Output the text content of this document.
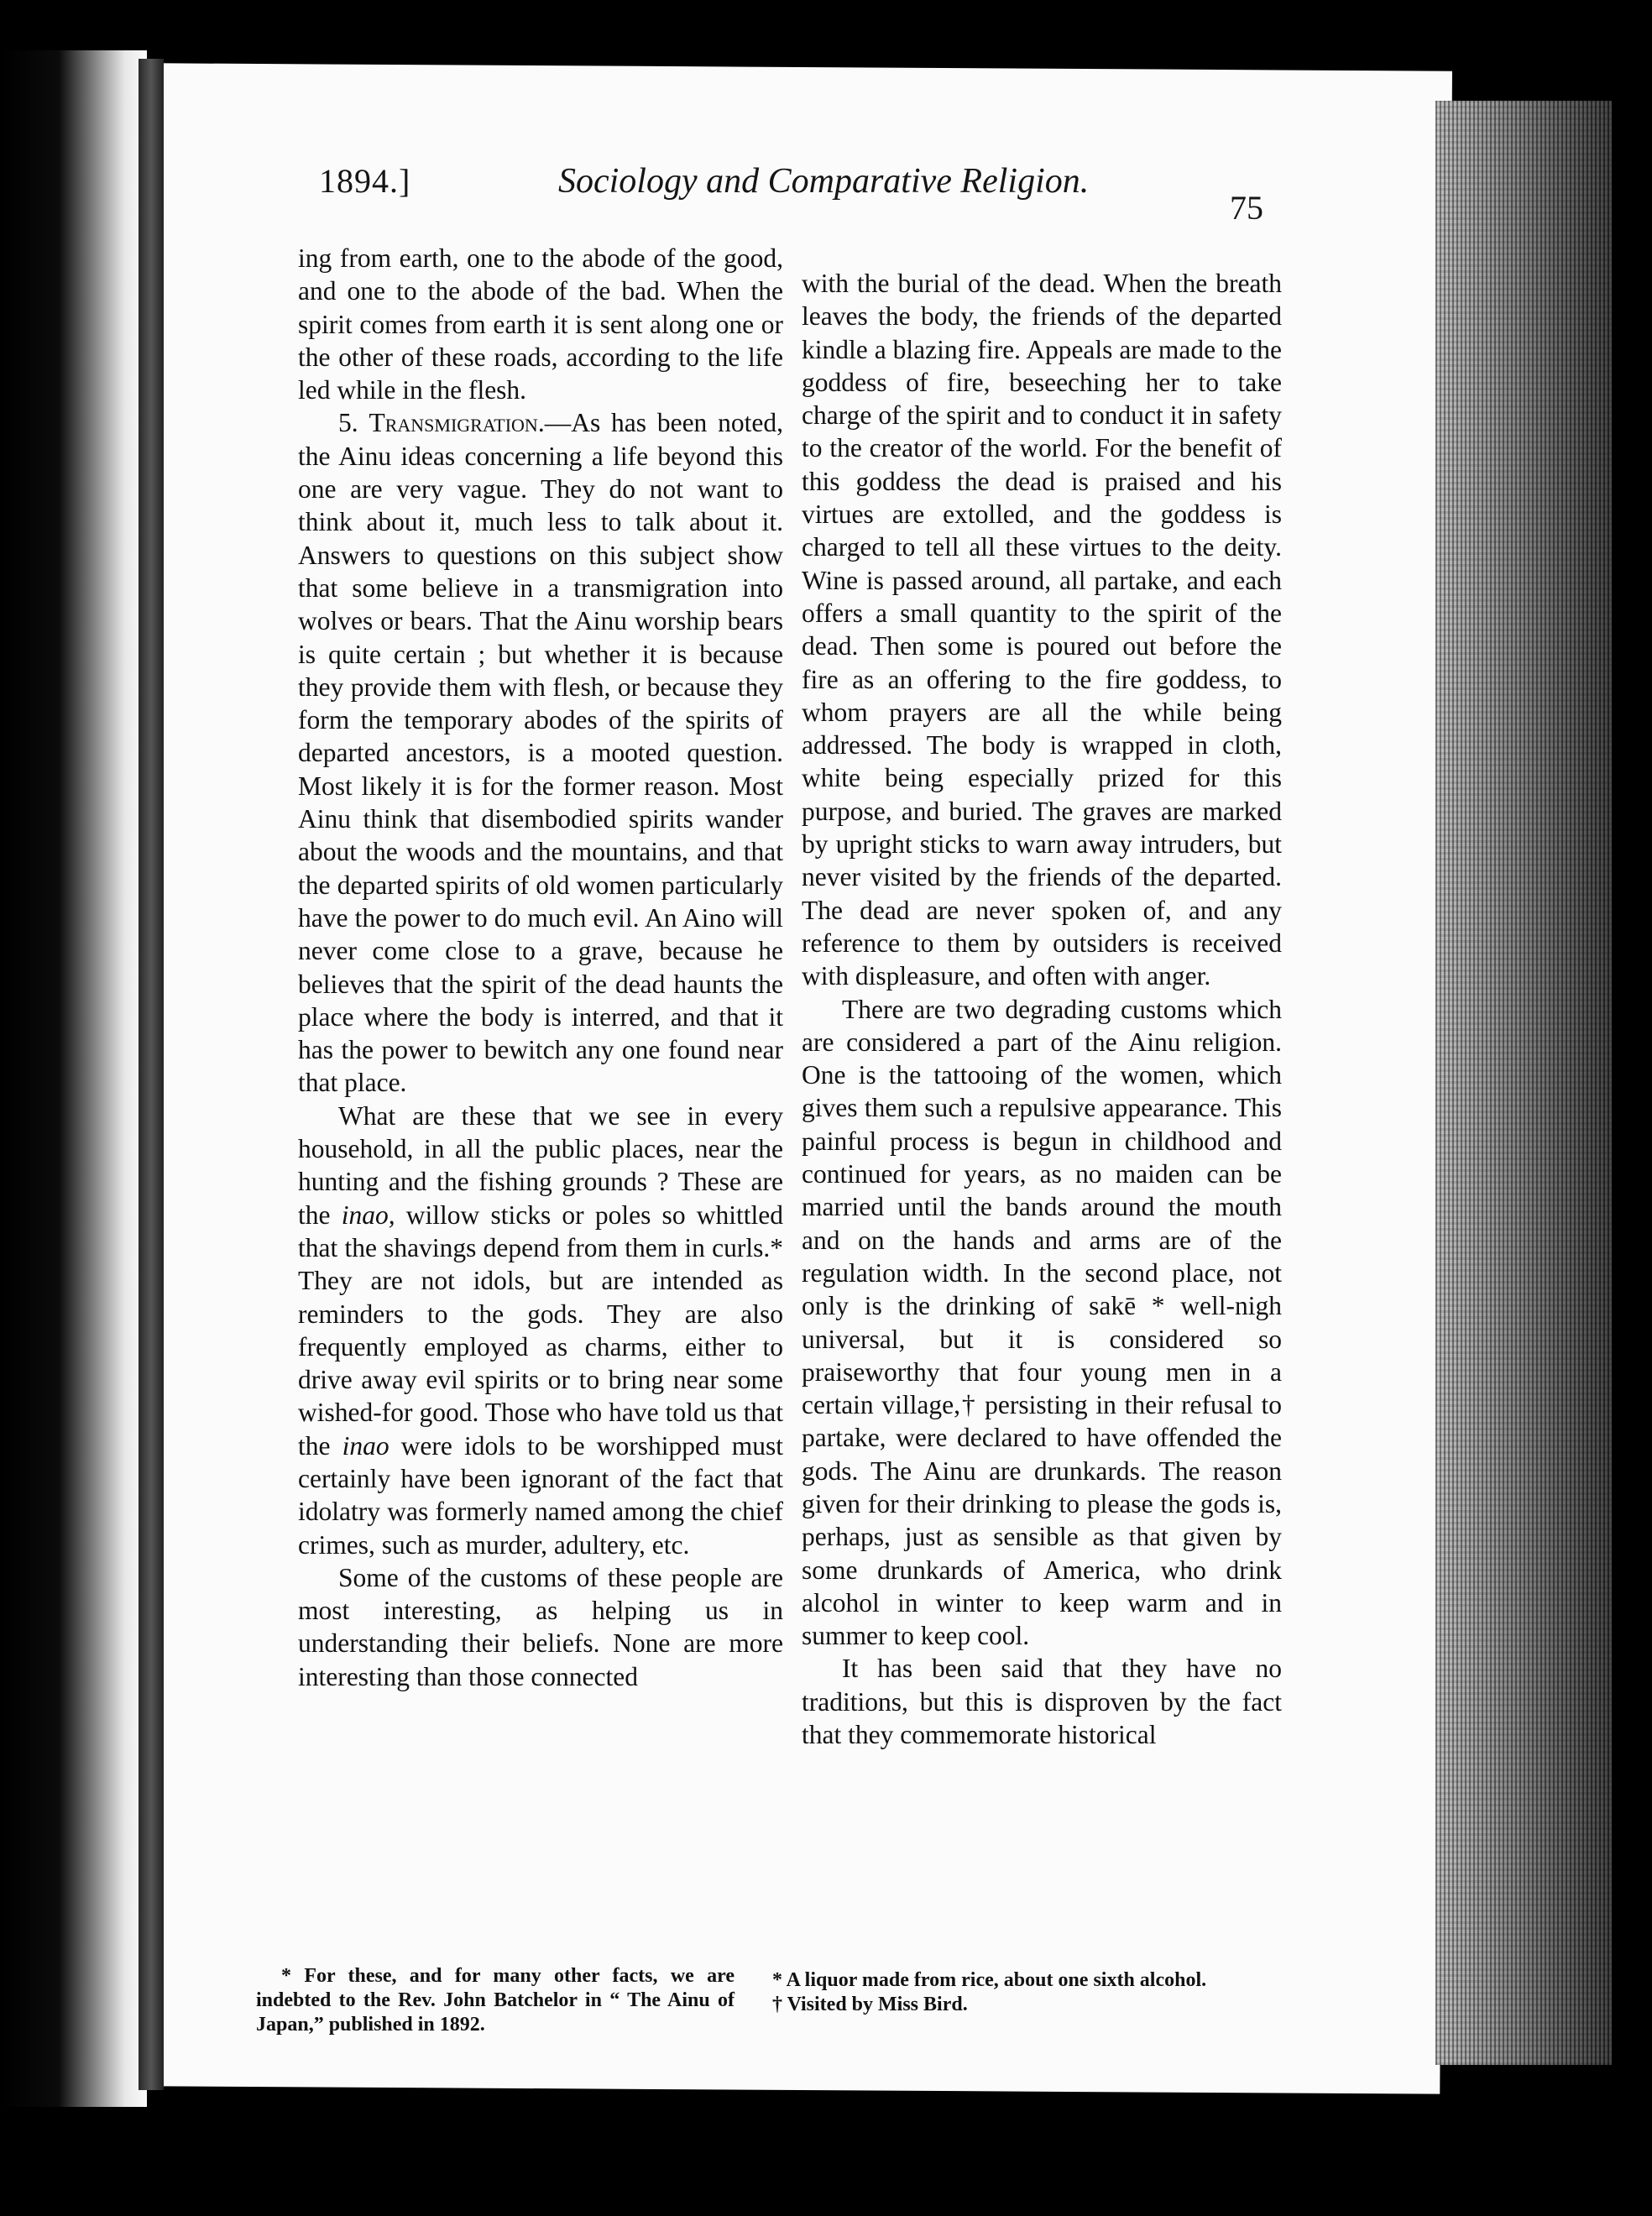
1894.]	Sociology and Comparative Religion.
75

ing from earth, one to the abode of the good, and one to the abode of the bad. When the spirit comes from earth it is sent along one or the other of these roads, according to the life led while in the flesh.

5. Transmigration.—As has been noted, the Ainu ideas concerning a life beyond this one are very vague. They do not want to think about it, much less to talk about it. Answers to questions on this subject show that some believe in a transmigration into wolves or bears. That the Ainu worship bears is quite certain ; but whether it is because they provide them with flesh, or because they form the temporary abodes of the spirits of departed ancestors, is a mooted question. Most likely it is for the former reason. Most Ainu think that disembodied spirits wander about the woods and the mountains, and that the departed spirits of old women particularly have the power to do much evil. An Aino will never come close to a grave, because he believes that the spirit of the dead haunts the place where the body is interred, and that it has the power to bewitch any one found near that place.

What are these that we see in every household, in all the public places, near the hunting and the fishing grounds ? These are the inao, willow sticks or poles so whittled that the shavings depend from them in curls.* They are not idols, but are intended as reminders to the gods. They are also frequently employed as charms, either to drive away evil spirits or to bring near some wished-for good. Those who have told us that the inao were idols to be worshipped must certainly have been ignorant of the fact that idolatry was formerly named among the chief crimes, such as murder, adultery, etc.

Some of the customs of these people are most interesting, as helping us in understanding their beliefs. None are more interesting than those connected

with the burial of the dead. When the breath leaves the body, the friends of the departed kindle a blazing fire. Appeals are made to the goddess of fire, beseeching her to take charge of the spirit and to conduct it in safety to the creator of the world. For the benefit of this goddess the dead is praised and his virtues are extolled, and the goddess is charged to tell all these virtues to the deity. Wine is passed around, all partake, and each offers a small quantity to the spirit of the dead. Then some is poured out before the fire as an offering to the fire goddess, to whom prayers are all the while being addressed. The body is wrapped in cloth, white being especially prized for this purpose, and buried. The graves are marked by upright sticks to warn away intruders, but never visited by the friends of the departed. The dead are never spoken of, and any reference to them by outsiders is received with displeasure, and often with anger.

There are two degrading customs which are considered a part of the Ainu religion. One is the tattooing of the women, which gives them such a repulsive appearance. This painful process is begun in childhood and continued for years, as no maiden can be married until the bands around the mouth and on the hands and arms are of the regulation width. In the second place, not only is the drinking of sakē * well-nigh universal, but it is considered so praiseworthy that four young men in a certain village,† persisting in their refusal to partake, were declared to have offended the gods. The Ainu are drunkards. The reason given for their drinking to please the gods is, perhaps, just as sensible as that given by some drunkards of America, who drink alcohol in winter to keep warm and in summer to keep cool.

It has been said that they have no traditions, but this is disproven by the fact that they commemorate historical

* For these, and for many other facts, we are indebted to the Rev. John Batchelor in “ The Ainu of Japan,” published in 1892.

* A liquor made from rice, about one sixth alcohol.

† Visited by Miss Bird.
